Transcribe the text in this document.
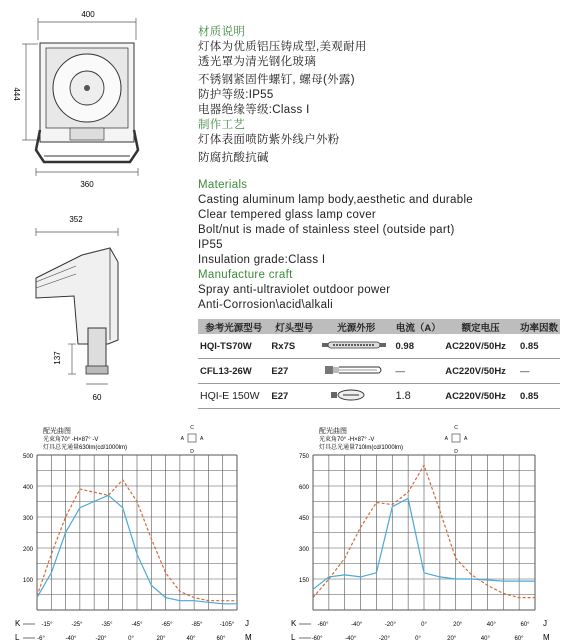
400
444
360
352
137
60
材质说明
灯体为优质铝压铸成型,美观耐用
透光罩为清光钢化玻璃
不锈钢紧固件螺钉, 螺母(外露)
防护等级:IP55
电器绝缘等级:Class Ⅰ
制作工艺
灯体表面喷防紫外线户外粉
防腐抗酸抗碱
Materials
Casting aluminum lamp body,aesthetic and durable
Clear tempered glass lamp cover
Bolt/nut is made of stainless steel (outside part)
IP55
Insulation grade:Class I
Manufacture craft
Spray anti-ultraviolet outdoor power
Anti-Corrosion\acid\alkali
参考光源型号	灯头型号	光源外形	电流（A）	额定电压	功率因数
HQI-TS70W	Rx7S		0.98	AC220V/50Hz	0.85
CFL13-26W	E27		—	AC220V/50Hz	—
HQI-E 150W	E27		1.8	AC220V/50Hz	0.85
配光曲图
光束角70° -H×87° -V
灯具总光通量630lm(cd/1000lm)
C
A	A
D
500
400
300
200
100
K	-15°	-25°	-35°	-45°	-65°	-85°	-105° J
L	-6°	-40°	-20°	0°	20°	40°	60° M
配光曲图
光束角70° -H×87° -V
灯具总光通量710lm(cd/1000lm)
C
A	A
D
750
600
450
300
150
K	-60°	-40°	-20°	0°	20°	40°	60° J
L	-60°	-40°	-20°	0°	20°	40°	60° M
